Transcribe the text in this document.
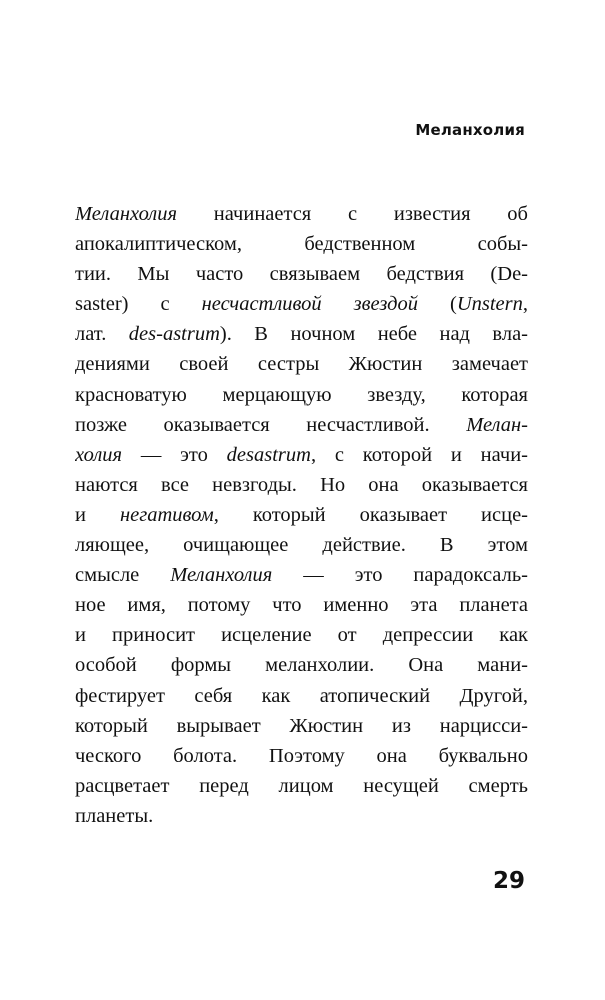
Меланхолия
Меланхолия начинается с известия об
апокалиптическом, бедственном собы-
тии. Мы часто связываем бедствия (De-
saster) с несчастливой звездой (Unstern,
лат. des-astrum). В ночном небе над вла-
дениями своей сестры Жюстин замечает
красноватую мерцающую звезду, которая
позже оказывается несчастливой. Мелан-
холия — это desastrum, с которой и начи-
наются все невзгоды. Но она оказывается
и негативом, который оказывает исце-
ляющее, очищающее действие. В этом
смысле Меланхолия — это парадоксаль-
ное имя, потому что именно эта планета
и приносит исцеление от депрессии как
особой формы меланхолии. Она мани-
фестирует себя как атопический Другой,
который вырывает Жюстин из нарцисси-
ческого болота. Поэтому она буквально
расцветает перед лицом несущей смерть
планеты.
29
